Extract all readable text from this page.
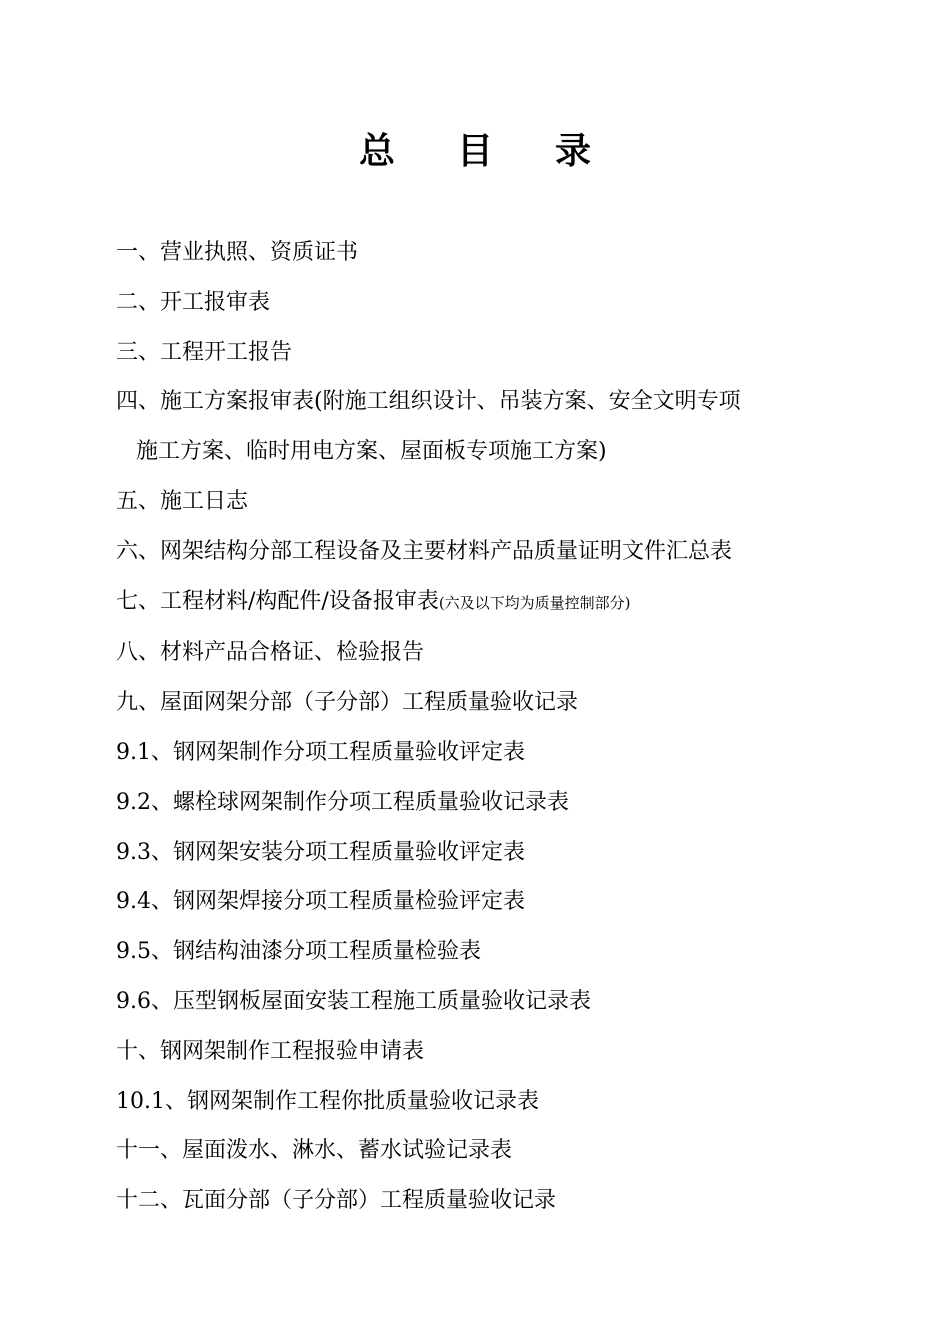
总目录
一、营业执照、资质证书
二、开工报审表
三、工程开工报告
四、施工方案报审表(附施工组织设计、吊装方案、安全文明专项
施工方案、临时用电方案、屋面板专项施工方案)
五、施工日志
六、网架结构分部工程设备及主要材料产品质量证明文件汇总表
七、工程材料/构配件/设备报审表(六及以下均为质量控制部分)
八、材料产品合格证、检验报告
九、屋面网架分部（子分部）工程质量验收记录
9.1、钢网架制作分项工程质量验收评定表
9.2、螺栓球网架制作分项工程质量验收记录表
9.3、钢网架安装分项工程质量验收评定表
9.4、钢网架焊接分项工程质量检验评定表
9.5、钢结构油漆分项工程质量检验表
9.6、压型钢板屋面安装工程施工质量验收记录表
十、钢网架制作工程报验申请表
10.1、钢网架制作工程你批质量验收记录表
十一、屋面泼水、淋水、蓄水试验记录表
十二、瓦面分部（子分部）工程质量验收记录
